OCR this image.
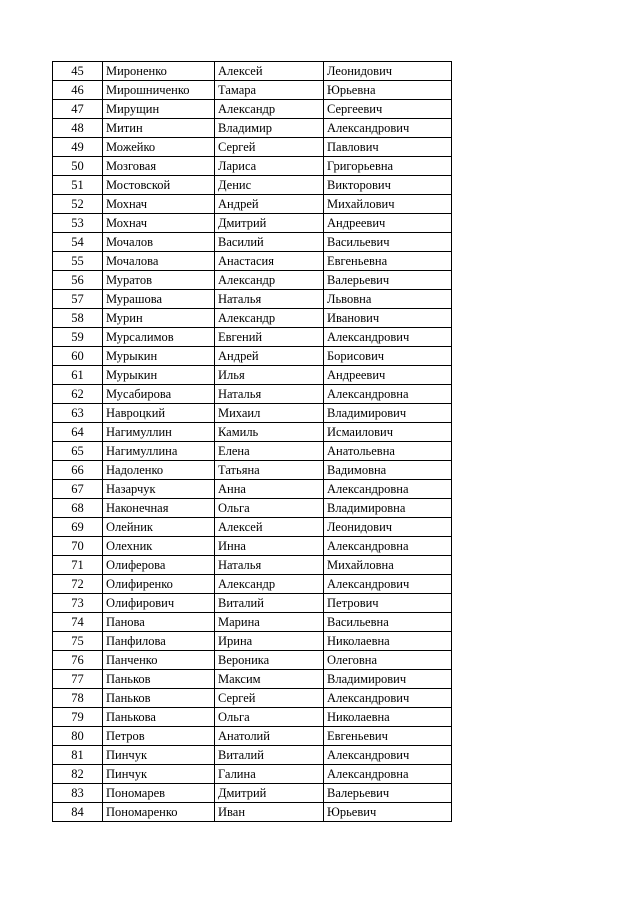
45	Мироненко	Алексей	Леонидович
46	Мирошниченко	Тамара	Юрьевна
47	Мирущин	Александр	Сергеевич
48	Митин	Владимир	Александрович
49	Можейко	Сергей	Павлович
50	Мозговая	Лариса	Григорьевна
51	Мостовской	Денис	Викторович
52	Мохнач	Андрей	Михайлович
53	Мохнач	Дмитрий	Андреевич
54	Мочалов	Василий	Васильевич
55	Мочалова	Анастасия	Евгеньевна
56	Муратов	Александр	Валерьевич
57	Мурашова	Наталья	Львовна
58	Мурин	Александр	Иванович
59	Мурсалимов	Евгений	Александрович
60	Мурыкин	Андрей	Борисович
61	Мурыкин	Илья	Андреевич
62	Мусабирова	Наталья	Александровна
63	Навроцкий	Михаил	Владимирович
64	Нагимуллин	Камиль	Исмаилович
65	Нагимуллина	Елена	Анатольевна
66	Надоленко	Татьяна	Вадимовна
67	Назарчук	Анна	Александровна
68	Наконечная	Ольга	Владимировна
69	Олейник	Алексей	Леонидович
70	Олехник	Инна	Александровна
71	Олиферова	Наталья	Михайловна
72	Олифиренко	Александр	Александрович
73	Олифирович	Виталий	Петрович
74	Панова	Марина	Васильевна
75	Панфилова	Ирина	Николаевна
76	Панченко	Вероника	Олеговна
77	Паньков	Максим	Владимирович
78	Паньков	Сергей	Александрович
79	Панькова	Ольга	Николаевна
80	Петров	Анатолий	Евгеньевич
81	Пинчук	Виталий	Александрович
82	Пинчук	Галина	Александровна
83	Пономарев	Дмитрий	Валерьевич
84	Пономаренко	Иван	Юрьевич
